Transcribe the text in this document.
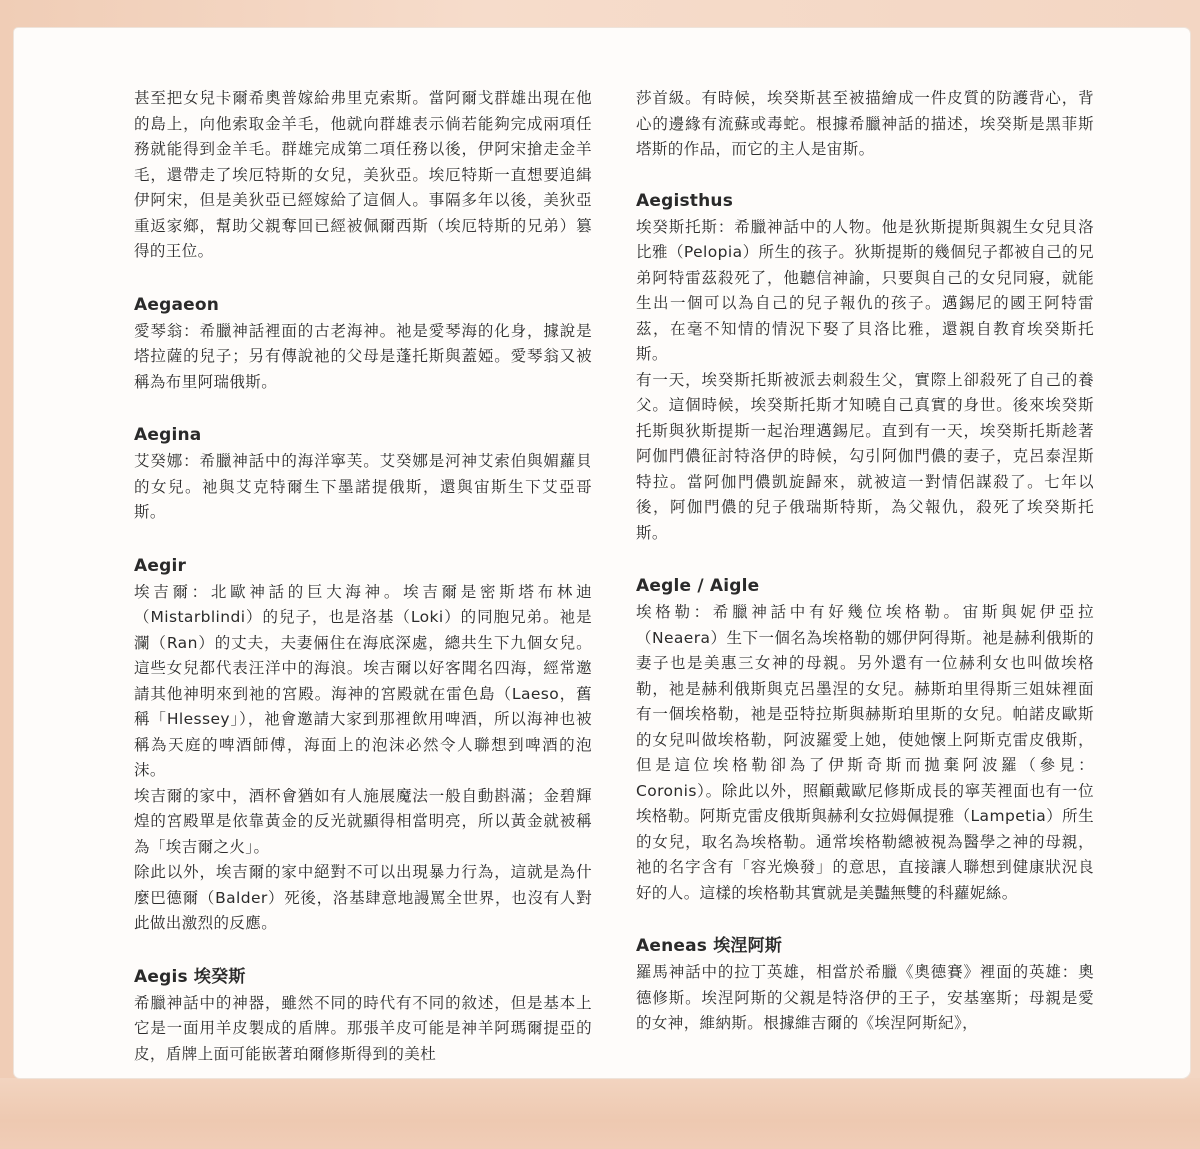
甚至把女兒卡爾希奧普嫁給弗里克索斯。當阿爾戈群雄出現在他的島上，向他索取金羊毛，他就向群雄表示倘若能夠完成兩項任務就能得到金羊毛。群雄完成第二項任務以後，伊阿宋搶走金羊毛，還帶走了埃厄特斯的女兒，美狄亞。埃厄特斯一直想要追緝伊阿宋，但是美狄亞已經嫁給了這個人。事隔多年以後，美狄亞重返家鄉，幫助父親奪回已經被佩爾西斯（埃厄特斯的兄弟）篡得的王位。

Aegaeon

愛琴翁：希臘神話裡面的古老海神。祂是愛琴海的化身，據說是塔拉薩的兒子；另有傳說祂的父母是蓬托斯與蓋婭。愛琴翁又被稱為布里阿瑞俄斯。

Aegina

艾癸娜：希臘神話中的海洋寧芙。艾癸娜是河神艾索伯與媚蘿貝的女兒。祂與艾克特爾生下墨諾提俄斯，還與宙斯生下艾亞哥斯。

Aegir

埃吉爾：北歐神話的巨大海神。埃吉爾是密斯塔布林迪（Mistarblindi）的兒子，也是洛基（Loki）的同胞兄弟。祂是瀾（Ran）的丈夫，夫妻倆住在海底深處，總共生下九個女兒。這些女兒都代表汪洋中的海浪。埃吉爾以好客聞名四海，經常邀請其他神明來到祂的宮殿。海神的宮殿就在雷色島（Laeso，舊稱「Hlessey」），祂會邀請大家到那裡飲用啤酒，所以海神也被稱為天庭的啤酒師傅，海面上的泡沫必然令人聯想到啤酒的泡沫。

埃吉爾的家中，酒杯會猶如有人施展魔法一般自動斟滿；金碧輝煌的宮殿單是依靠黃金的反光就顯得相當明亮，所以黃金就被稱為「埃吉爾之火」。

除此以外，埃吉爾的家中絕對不可以出現暴力行為，這就是為什麼巴德爾（Balder）死後，洛基肆意地謾罵全世界，也沒有人對此做出激烈的反應。

Aegis 埃癸斯

希臘神話中的神器，雖然不同的時代有不同的敘述，但是基本上它是一面用羊皮製成的盾牌。那張羊皮可能是神羊阿瑪爾提亞的皮，盾牌上面可能嵌著珀爾修斯得到的美杜

莎首級。有時候，埃癸斯甚至被描繪成一件皮質的防護背心，背心的邊緣有流蘇或毒蛇。根據希臘神話的描述，埃癸斯是黑菲斯塔斯的作品，而它的主人是宙斯。

Aegisthus

埃癸斯托斯：希臘神話中的人物。他是狄斯提斯與親生女兒貝洛比雅（Pelopia）所生的孩子。狄斯提斯的幾個兒子都被自己的兄弟阿特雷茲殺死了，他聽信神諭，只要與自己的女兒同寢，就能生出一個可以為自己的兒子報仇的孩子。邁錫尼的國王阿特雷茲，在毫不知情的情況下娶了貝洛比雅，還親自教育埃癸斯托斯。

有一天，埃癸斯托斯被派去刺殺生父，實際上卻殺死了自己的養父。這個時候，埃癸斯托斯才知曉自己真實的身世。後來埃癸斯托斯與狄斯提斯一起治理邁錫尼。直到有一天，埃癸斯托斯趁著阿伽門儂征討特洛伊的時候，勾引阿伽門儂的妻子，克呂泰涅斯特拉。當阿伽門儂凱旋歸來，就被這一對情侶謀殺了。七年以後，阿伽門儂的兒子俄瑞斯特斯，為父報仇，殺死了埃癸斯托斯。

Aegle / Aigle

埃格勒：希臘神話中有好幾位埃格勒。宙斯與妮伊亞拉（Neaera）生下一個名為埃格勒的娜伊阿得斯。祂是赫利俄斯的妻子也是美惠三女神的母親。另外還有一位赫利女也叫做埃格勒，祂是赫利俄斯與克呂墨涅的女兒。赫斯珀里得斯三姐妹裡面有一個埃格勒，祂是亞特拉斯與赫斯珀里斯的女兒。帕諾皮歐斯的女兒叫做埃格勒，阿波羅愛上她，使她懷上阿斯克雷皮俄斯，但是這位埃格勒卻為了伊斯奇斯而拋棄阿波羅（參見：Coronis）。除此以外，照顧戴歐尼修斯成長的寧芙裡面也有一位埃格勒。阿斯克雷皮俄斯與赫利女拉姆佩提雅（Lampetia）所生的女兒，取名為埃格勒。通常埃格勒總被視為醫學之神的母親，祂的名字含有「容光煥發」的意思，直接讓人聯想到健康狀況良好的人。這樣的埃格勒其實就是美豔無雙的科蘿妮絲。

Aeneas 埃涅阿斯

羅馬神話中的拉丁英雄，相當於希臘《奧德賽》裡面的英雄：奧德修斯。埃涅阿斯的父親是特洛伊的王子，安基塞斯；母親是愛的女神，維納斯。根據維吉爾的《埃涅阿斯紀》，
